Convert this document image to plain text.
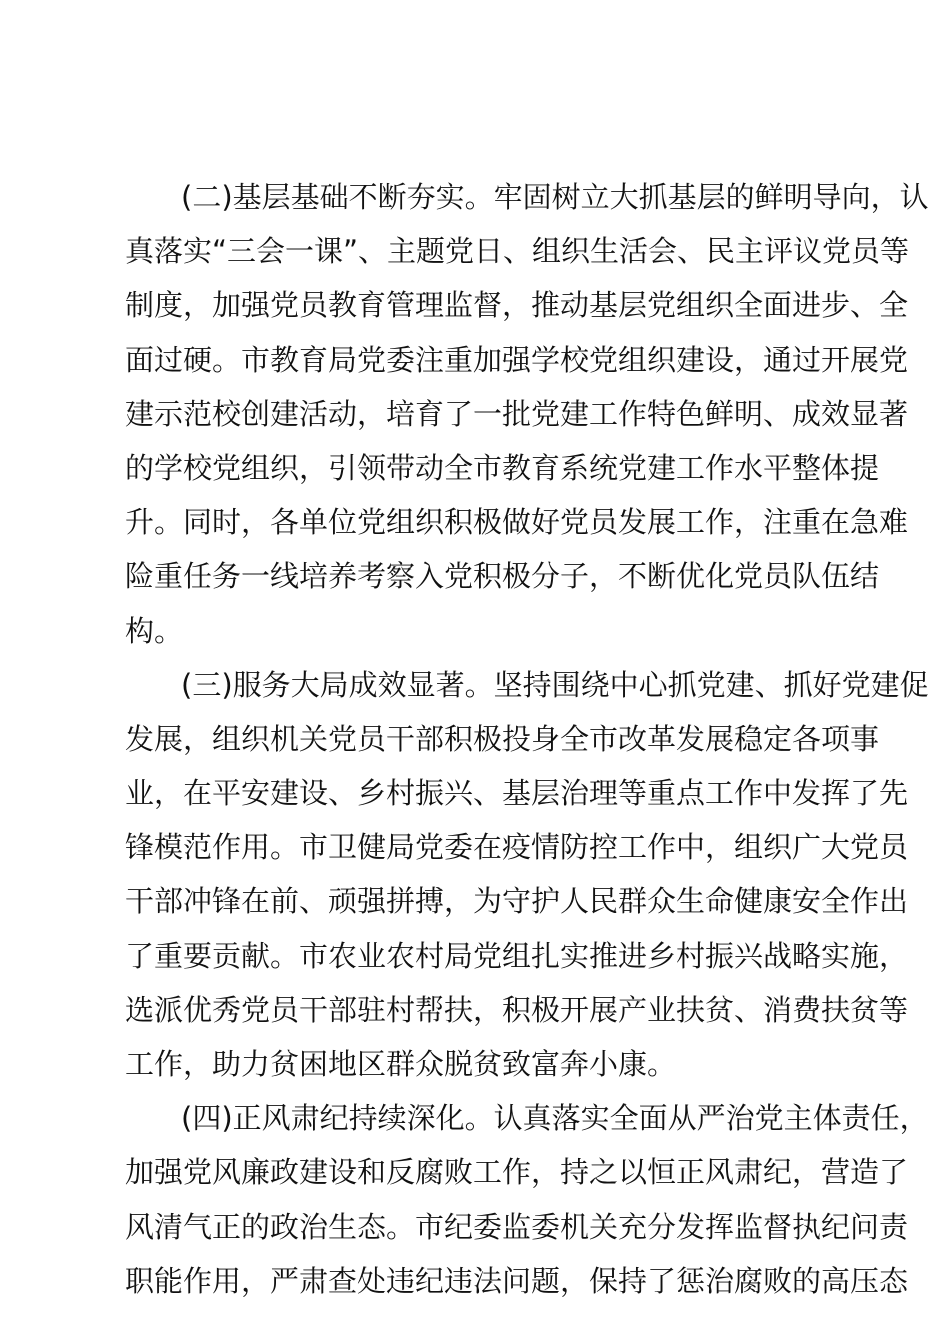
(二)基层基础不断夯实。牢固树立大抓基层的鲜明导向，认
真落实“三会一课”、主题党日、组织生活会、民主评议党员等
制度，加强党员教育管理监督，推动基层党组织全面进步、全
面过硬。市教育局党委注重加强学校党组织建设，通过开展党
建示范校创建活动，培育了一批党建工作特色鲜明、成效显著
的学校党组织，引领带动全市教育系统党建工作水平整体提
升。同时，各单位党组织积极做好党员发展工作，注重在急难
险重任务一线培养考察入党积极分子，不断优化党员队伍结
构。
(三)服务大局成效显著。坚持围绕中心抓党建、抓好党建促
发展，组织机关党员干部积极投身全市改革发展稳定各项事
业，在平安建设、乡村振兴、基层治理等重点工作中发挥了先
锋模范作用。市卫健局党委在疫情防控工作中，组织广大党员
干部冲锋在前、顽强拼搏，为守护人民群众生命健康安全作出
了重要贡献。市农业农村局党组扎实推进乡村振兴战略实施，
选派优秀党员干部驻村帮扶，积极开展产业扶贫、消费扶贫等
工作，助力贫困地区群众脱贫致富奔小康。
(四)正风肃纪持续深化。认真落实全面从严治党主体责任，
加强党风廉政建设和反腐败工作，持之以恒正风肃纪，营造了
风清气正的政治生态。市纪委监委机关充分发挥监督执纪问责
职能作用，严肃查处违纪违法问题，保持了惩治腐败的高压态
